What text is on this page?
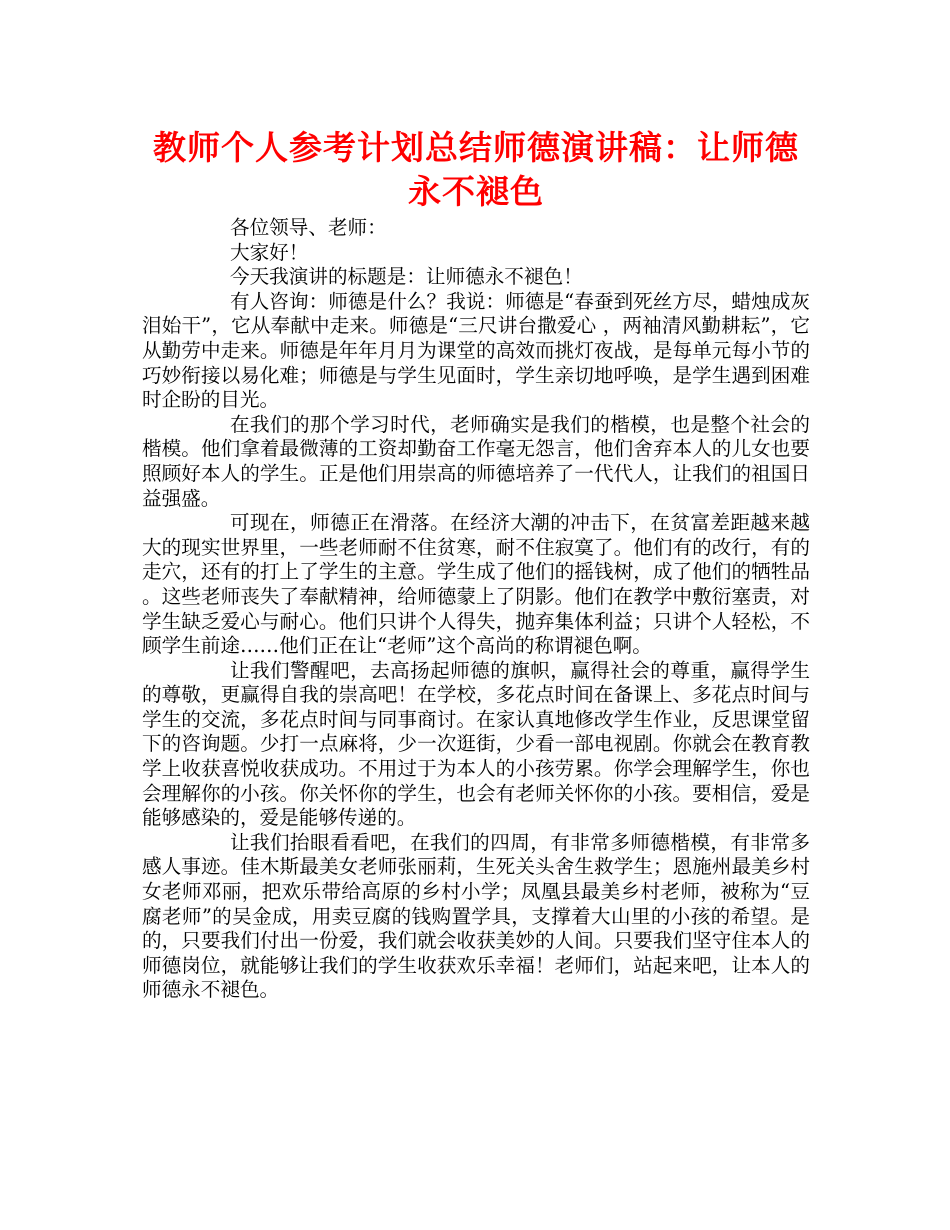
教师个人参考计划总结师德演讲稿：让师德永不褪色

各位领导、老师：

大家好！

今天我演讲的标题是：让师德永不褪色！

有人咨询：师德是什么？我说：师德是“春蚕到死丝方尽，蜡烛成灰泪始干”，它从奉献中走来。师德是“三尺讲台撒爱心 ，两袖清风勤耕耘”，它从勤劳中走来。师德是年年月月为课堂的高效而挑灯夜战，是每单元每小节的巧妙衔接以易化难；师德是与学生见面时，学生亲切地呼唤，是学生遇到困难时企盼的目光。

在我们的那个学习时代，老师确实是我们的楷模，也是整个社会的楷模。他们拿着最微薄的工资却勤奋工作毫无怨言，他们舍弃本人的儿女也要照顾好本人的学生。正是他们用崇高的师德培养了一代代人，让我们的祖国日益强盛。

可现在，师德正在滑落。在经济大潮的冲击下，在贫富差距越来越大的现实世界里，一些老师耐不住贫寒，耐不住寂寞了。他们有的改行，有的走穴，还有的打上了学生的主意。学生成了他们的摇钱树，成了他们的牺牲品。这些老师丧失了奉献精神，给师德蒙上了阴影。他们在教学中敷衍塞责，对学生缺乏爱心与耐心。他们只讲个人得失，抛弃集体利益；只讲个人轻松，不顾学生前途……他们正在让“老师”这个高尚的称谓褪色啊。

让我们警醒吧，去高扬起师德的旗帜，赢得社会的尊重，赢得学生的尊敬，更赢得自我的崇高吧！在学校，多花点时间在备课上、多花点时间与学生的交流，多花点时间与同事商讨。在家认真地修改学生作业，反思课堂留下的咨询题。少打一点麻将，少一次逛街，少看一部电视剧。你就会在教育教学上收获喜悦收获成功。不用过于为本人的小孩劳累。你学会理解学生，你也会理解你的小孩。你关怀你的学生，也会有老师关怀你的小孩。要相信，爱是能够感染的，爱是能够传递的。

让我们抬眼看看吧，在我们的四周，有非常多师德楷模，有非常多感人事迹。佳木斯最美女老师张丽莉，生死关头舍生救学生；恩施州最美乡村女老师邓丽，把欢乐带给高原的乡村小学；凤凰县最美乡村老师，被称为“豆腐老师”的吴金成，用卖豆腐的钱购置学具，支撑着大山里的小孩的希望。是的，只要我们付出一份爱，我们就会收获美妙的人间。只要我们坚守住本人的师德岗位，就能够让我们的学生收获欢乐幸福！老师们，站起来吧，让本人的师德永不褪色。
